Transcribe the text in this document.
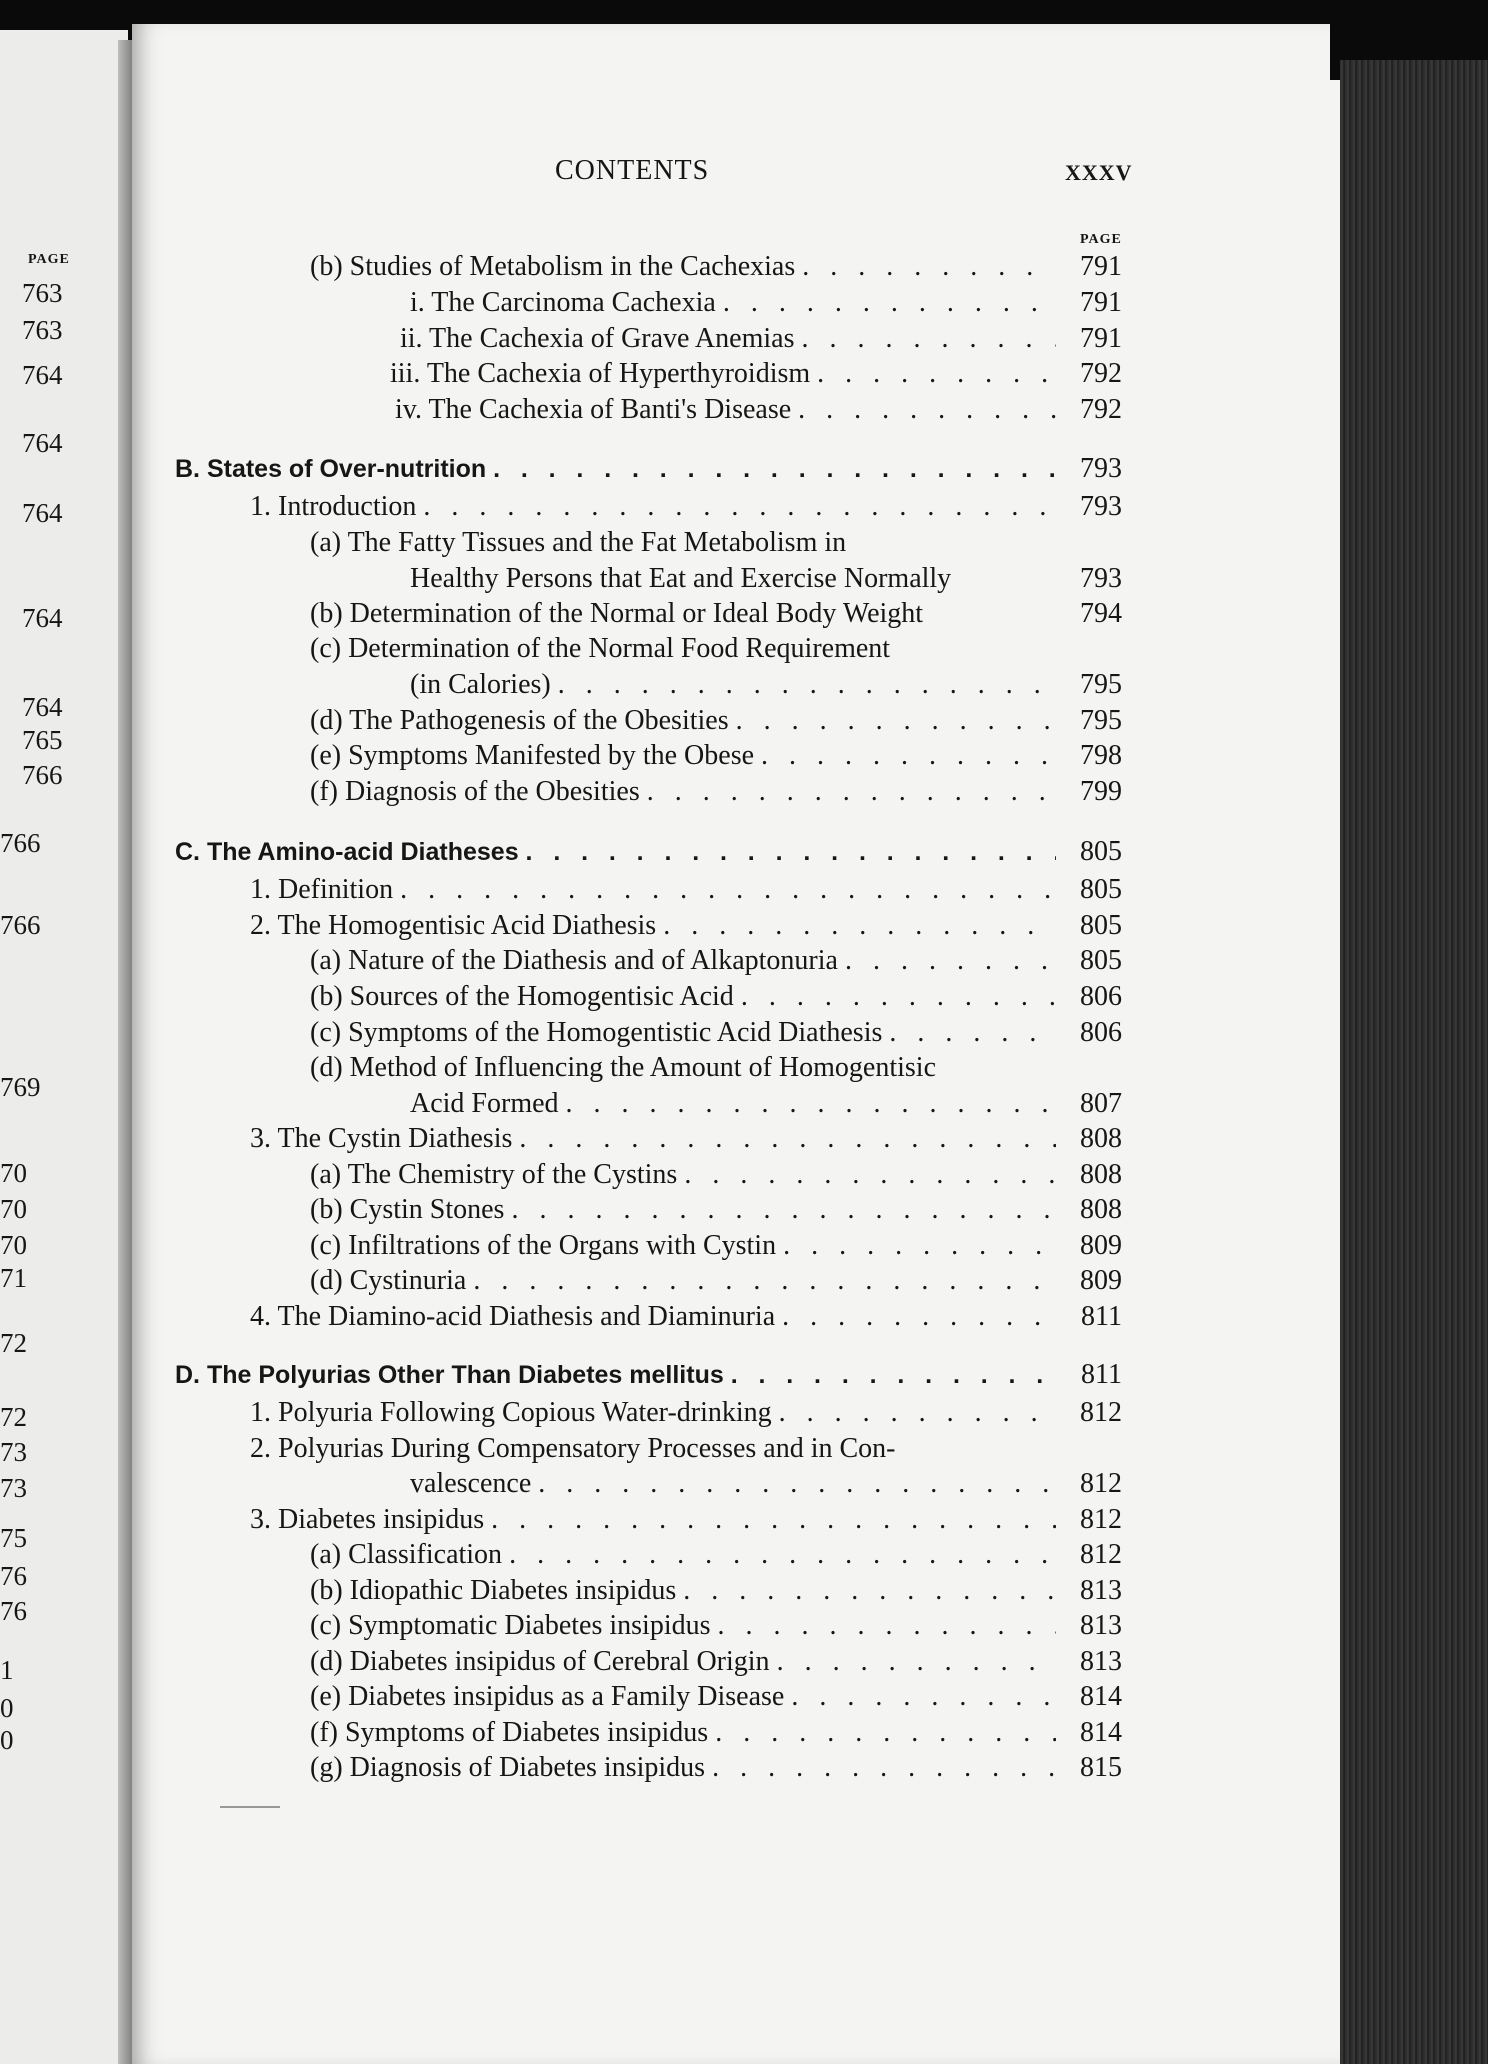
PAGE
763
763
764
764
764
764
764
765
766
766
766
769
70
70
70
71
72
72
73
73
75
76
76
1
0
0
CONTENTS	XXXV
PAGE
(b) Studies of Metabolism in the Cachexias . .	791
i. The Carcinoma Cachexia . .	791
ii. The Cachexia of Grave Anemias . .	791
iii. The Cachexia of Hyperthyroidism . .	792
iv. The Cachexia of Banti's Disease . .	792
B. States of Over-nutrition . .	793
1. Introduction . .	793
(a) The Fatty Tissues and the Fat Metabolism in
Healthy Persons that Eat and Exercise Normally	793
(b) Determination of the Normal or Ideal Body Weight	794
(c) Determination of the Normal Food Requirement
(in Calories) . .	795
(d) The Pathogenesis of the Obesities . .	795
(e) Symptoms Manifested by the Obese . .	798
(f) Diagnosis of the Obesities . .	799
C. The Amino-acid Diatheses . .	805
1. Definition . .	805
2. The Homogentisic Acid Diathesis . .	805
(a) Nature of the Diathesis and of Alkaptonuria . .	805
(b) Sources of the Homogentisic Acid . .	806
(c) Symptoms of the Homogentistic Acid Diathesis . .	806
(d) Method of Influencing the Amount of Homogentisic
Acid Formed . .	807
3. The Cystin Diathesis . .	808
(a) The Chemistry of the Cystins . .	808
(b) Cystin Stones . .	808
(c) Infiltrations of the Organs with Cystin . .	809
(d) Cystinuria . .	809
4. The Diamino-acid Diathesis and Diaminuria . .	811
D. The Polyurias Other Than Diabetes mellitus . .	811
1. Polyuria Following Copious Water-drinking . .	812
2. Polyurias During Compensatory Processes and in Con-
valescence . .	812
3. Diabetes insipidus . .	812
(a) Classification . .	812
(b) Idiopathic Diabetes insipidus . .	813
(c) Symptomatic Diabetes insipidus . .	813
(d) Diabetes insipidus of Cerebral Origin . .	813
(e) Diabetes insipidus as a Family Disease . .	814
(f) Symptoms of Diabetes insipidus . .	814
(g) Diagnosis of Diabetes insipidus . .	815
